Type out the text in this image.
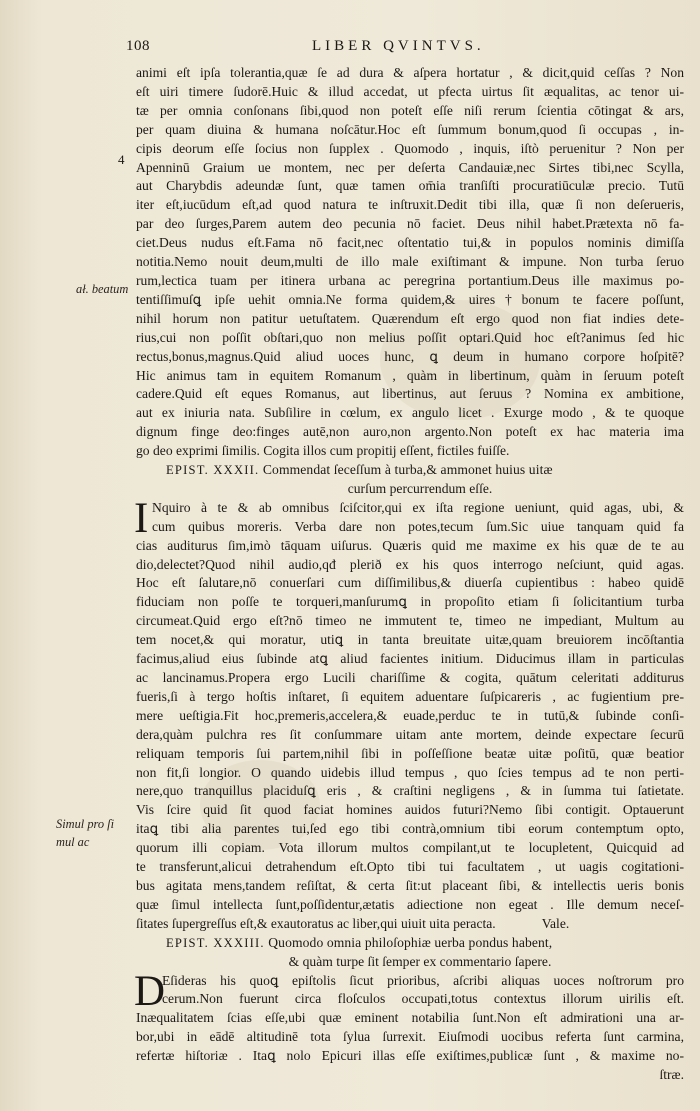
108	LIBER QVINTVS.
4
ał. beatum
Simul pro ſi
mul ac
animi eſt ipſa tolerantia,quæ ſe ad dura & aſpera hortatur , & dicit,quid ceſſas ? Non
eſt uiri timere ſudorē.Huic & illud accedat, ut pfecta uirtus ſit æqualitas, ac tenor ui-
tæ per omnia conſonans ſibi,quod non poteſt eſſe niſi rerum ſcientia cōtingat & ars,
per quam diuina & humana noſcātur.Hoc eſt ſummum bonum,quod ſi occupas , in-
cipis deorum eſſe ſocius non ſupplex . Quomodo , inquis, iſtò peruenitur ? Non per
Apenninū Graium ue montem, nec per deſerta Candauiæ,nec Sirtes tibi,nec Scylla,
aut Charybdis adeundæ ſunt, quæ tamen om̄ia tranſiſti procuratiūculæ precio. Tutū
iter eſt,iucūdum eſt,ad quod natura te inſtruxit.Dedit tibi illa, quæ ſi non deſerueris,
par deo ſurges,Parem autem deo pecunia nō faciet. Deus nihil habet.Prætexta nō fa-
ciet.Deus nudus eſt.Fama nō facit,nec oſtentatio tui,& in populos nominis dimiſſa
notitia.Nemo nouit deum,multi de illo male exiſtimant & impune. Non turba ſeruo
rum,lectica tuam per itinera urbana ac peregrina portantium.Deus ille maximus po-
tentiſſimuſꝗ ipſe uehit omnia.Ne forma quidem,& uires†bonum te facere poſſunt,
nihil horum non patitur uetuſtatem. Quærendum eſt ergo quod non fiat indies dete-
rius,cui non poſſit obſtari,quo non melius poſſit optari.Quid hoc eſt?animus ſed hic
rectus,bonus,magnus.Quid aliud uoces hunc, ꝗ deum in humano corpore hoſpitē?
Hic animus tam in equitem Romanum , quàm in libertinum, quàm in ſeruum poteſt
cadere.Quid eſt eques Romanus, aut libertinus, aut ſeruus ? Nomina ex ambitione,
aut ex iniuria nata. Subſilire in cœlum, ex angulo licet . Exurge modo , & te quoque
dignum finge deo:finges autē,non auro,non argento.Non poteſt ex hac materia ima
go deo exprimi ſimilis. Cogita illos cum propitij eſſent, fictiles fuiſſe.
EPIST. XXXII. Commendat ſeceſſum à turba,& ammonet huius uitæ
curſum percurrendum eſſe.
I Nquiro à te & ab omnibus ſciſcitor,qui ex iſta regione ueniunt, quid agas, ubi, &
cum quibus moreris. Verba dare non potes,tecum ſum.Sic uiue tanquam quid fa
cias auditurus ſim,imò tāquam uiſurus. Quæris quid me maxime ex his quæ de te au
dio,delectet?Quod nihil audio,qđ plerið ex his quos interrogo neſciunt, quid agas.
Hoc eſt ſalutare,nō conuerſari cum diſſimilibus,& diuerſa cupientibus : habeo quidē
fiduciam non poſſe te torqueri,manſurumꝗ in propoſito etiam ſi ſolicitantium turba
circumeat.Quid ergo eſt?nō timeo ne immutent te, timeo ne impediant, Multum au
tem nocet,& qui moratur, utiꝗ in tanta breuitate uitæ,quam breuiorem incōſtantia
facimus,aliud eius ſubinde atꝗ aliud facientes initium. Diducimus illam in particulas
ac lancinamus.Propera ergo Lucili chariſſime & cogita, quātum celeritati additurus
fueris,ſi à tergo hoſtis inſtaret, ſi equitem aduentare ſuſpicareris , ac fugientium pre-
mere ueſtigia.Fit hoc,premeris,accelera,& euade,perduc te in tutū,& ſubinde conſi-
dera,quàm pulchra res ſit conſummare uitam ante mortem, deinde expectare ſecurū
reliquam temporis ſui partem,nihil ſibi in poſſeſſione beatæ uitæ poſitū, quæ beatior
non fit,ſi longior. O quando uidebis illud tempus , quo ſcies tempus ad te non perti-
nere,quo tranquillus placiduſꝗ eris , & craſtini negligens , & in ſumma tui ſatietate.
Vis ſcire quid ſit quod faciat homines auidos futuri?Nemo ſibi contigit. Optauerunt
itaꝗ tibi alia parentes tui,ſed ego tibi contrà,omnium tibi eorum contemptum opto,
quorum illi copiam. Vota illorum multos compilant,ut te locupletent, Quicquid ad
te transferunt,alicui detrahendum eſt.Opto tibi tui facultatem , ut uagis cogitationi-
bus agitata mens,tandem reſiſtat, & certa ſit:ut placeant ſibi, & intellectis ueris bonis
quæ ſimul intellecta ſunt,poſſidentur,ætatis adiectione non egeat . Ille demum neceſ-
ſitates ſupergreſſus eſt,& exautoratus ac liber,qui uiuit uita peracta.	Vale.
EPIST. XXXIII. Quomodo omnia philoſophiæ uerba pondus habent,
& quàm turpe ſit ſemper ex commentario ſapere.
D
Eſideras his quoꝗ epiſtolis ſicut prioribus, aſcribi aliquas uoces noſtrorum pro
cerum.Non fuerunt circa floſculos occupati,totus contextus illorum uirilis eſt.
Inæqualitatem ſcias eſſe,ubi quæ eminent notabilia ſunt.Non eſt admirationi una ar-
bor,ubi in eādē altitudinē tota ſylua ſurrexit. Eiuſmodi uocibus referta ſunt carmina,
refertæ hiſtoriæ . Itaꝗ nolo Epicuri illas eſſe exiſtimes,publicæ ſunt , & maxime no-
ſtræ.
